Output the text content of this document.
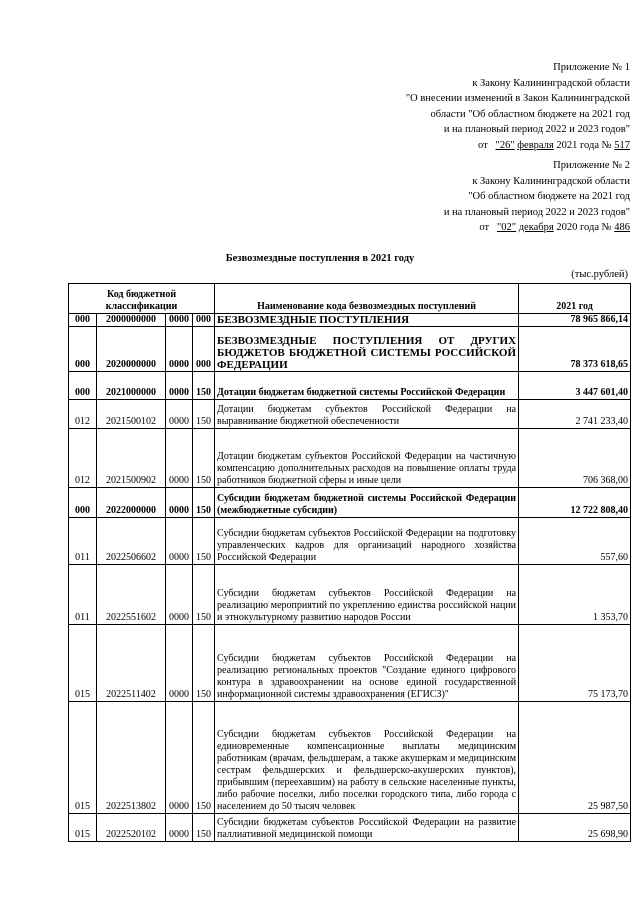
Приложение № 1
к Закону Калининградской области
"О внесении изменений в Закон Калининградской
области "Об областном бюджете на 2021 год
и на плановый период 2022 и 2023 годов"
от "26" февраля 2021 года № 517
Приложение № 2
к Закону Калининградской области
"Об областном бюджете на 2021 год
и на плановый период 2022 и 2023 годов"
от "02" декабря 2020 года № 486
Безвозмездные поступления в 2021 году
(тыс.рублей)
Код бюджетной классификации				Наименование кода безвозмездных поступлений	2021 год
000	2000000000	0000	000	БЕЗВОЗМЕЗДНЫЕ ПОСТУПЛЕНИЯ	78 965 866,14
000	2020000000	0000	000	БЕЗВОЗМЕЗДНЫЕ ПОСТУПЛЕНИЯ ОТ ДРУГИХ БЮДЖЕТОВ БЮДЖЕТНОЙ СИСТЕМЫ РОССИЙСКОЙ ФЕДЕРАЦИИ	78 373 618,65
000	2021000000	0000	150	Дотации бюджетам бюджетной системы Российской Федерации	3 447 601,40
012	2021500102	0000	150	Дотации бюджетам субъектов Российской Федерации на выравнивание бюджетной обеспеченности	2 741 233,40
012	2021500902	0000	150	Дотации бюджетам субъектов Российской Федерации на частичную компенсацию дополнительных расходов на повышение оплаты труда работников бюджетной сферы и иные цели	706 368,00
000	2022000000	0000	150	Субсидии бюджетам бюджетной системы Российской Федерации (межбюджетные субсидии)	12 722 808,40
011	2022506602	0000	150	Субсидии бюджетам субъектов Российской Федерации на подготовку управленческих кадров для организаций народного хозяйства Российской Федерации	557,60
011	2022551602	0000	150	Субсидии бюджетам субъектов Российской Федерации на реализацию мероприятий по укреплению единства российской нации и этнокультурному развитию народов России	1 353,70
015	2022511402	0000	150	Субсидии бюджетам субъектов Российской Федерации на реализацию региональных проектов "Создание единого цифрового контура в здравоохранении на основе единой государственной информационной системы здравоохранения (ЕГИСЗ)"	75 173,70
015	2022513802	0000	150	Субсидии бюджетам субъектов Российской Федерации на единовременные компенсационные выплаты медицинским работникам (врачам, фельдшерам, а также акушеркам и медицинским сестрам фельдшерских и фельдшерско-акушерских пунктов), прибывшим (переехавшим) на работу в сельские населенные пункты, либо рабочие поселки, либо поселки городского типа, либо города с населением до 50 тысяч человек	25 987,50
015	2022520102	0000	150	Субсидии бюджетам субъектов Российской Федерации на развитие паллиативной медицинской помощи	25 698,90
